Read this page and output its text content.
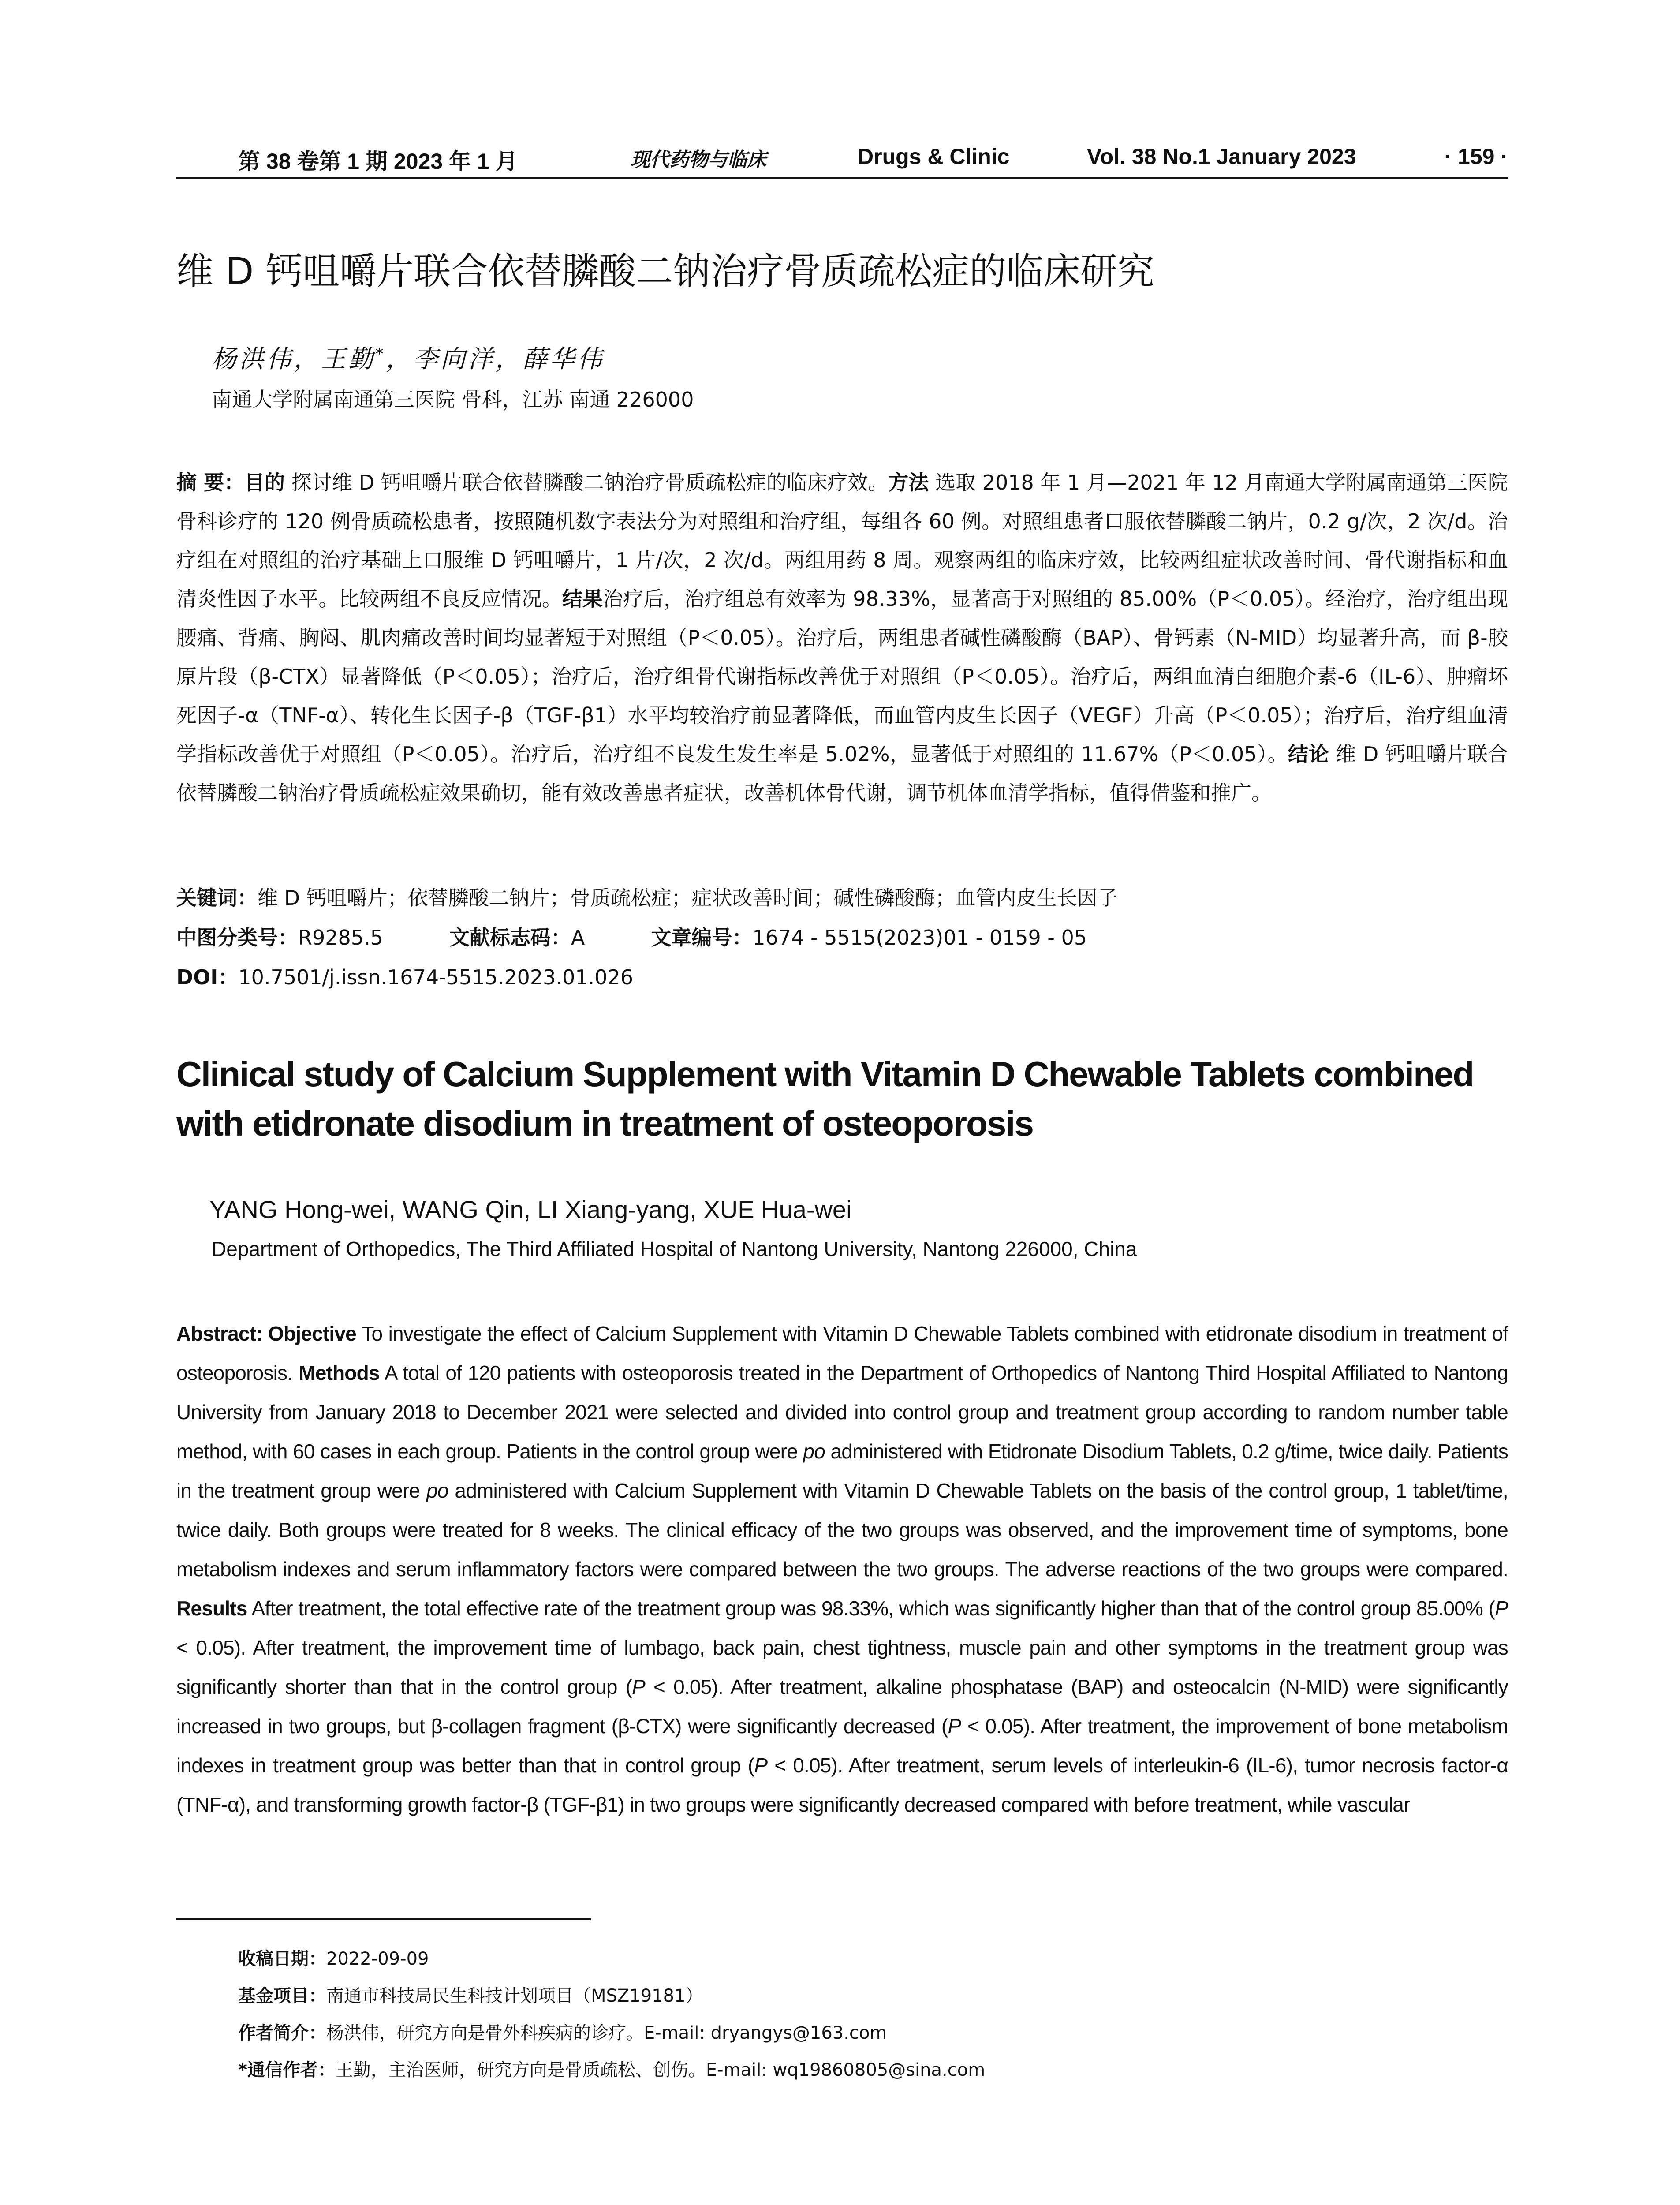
第 38 卷第 1 期 2023 年 1 月	现代药物与临床	Drugs & Clinic	Vol. 38 No.1 January 2023	· 159 ·
维 D 钙咀嚼片联合依替膦酸二钠治疗骨质疏松症的临床研究
杨洪伟，王勤*，李向洋，薛华伟
南通大学附属南通第三医院 骨科，江苏 南通 226000
摘 要：目的 探讨维 D 钙咀嚼片联合依替膦酸二钠治疗骨质疏松症的临床疗效。方法 选取 2018 年 1 月—2021 年 12 月南通大学附属南通第三医院骨科诊疗的 120 例骨质疏松患者，按照随机数字表法分为对照组和治疗组，每组各 60 例。对照组患者口服依替膦酸二钠片，0.2 g/次，2 次/d。治疗组在对照组的治疗基础上口服维 D 钙咀嚼片，1 片/次，2 次/d。两组用药 8 周。观察两组的临床疗效，比较两组症状改善时间、骨代谢指标和血清炎性因子水平。比较两组不良反应情况。结果治疗后，治疗组总有效率为 98.33%，显著高于对照组的 85.00%（P＜0.05）。经治疗，治疗组出现腰痛、背痛、胸闷、肌肉痛改善时间均显著短于对照组（P＜0.05）。治疗后，两组患者碱性磷酸酶（BAP）、骨钙素（N-MID）均显著升高，而 β-胶原片段（β-CTX）显著降低（P＜0.05）；治疗后，治疗组骨代谢指标改善优于对照组（P＜0.05）。治疗后，两组血清白细胞介素-6（IL-6）、肿瘤坏死因子-α（TNF-α）、转化生长因子-β（TGF-β1）水平均较治疗前显著降低，而血管内皮生长因子（VEGF）升高（P＜0.05）；治疗后，治疗组血清学指标改善优于对照组（P＜0.05）。治疗后，治疗组不良发生发生率是 5.02%，显著低于对照组的 11.67%（P＜0.05）。结论 维 D 钙咀嚼片联合依替膦酸二钠治疗骨质疏松症效果确切，能有效改善患者症状，改善机体骨代谢，调节机体血清学指标，值得借鉴和推广。
关键词：维 D 钙咀嚼片；依替膦酸二钠片；骨质疏松症；症状改善时间；碱性磷酸酶；血管内皮生长因子
中图分类号：R9285.5	文献标志码：A	文章编号：1674 - 5515(2023)01 - 0159 - 05
DOI：10.7501/j.issn.1674-5515.2023.01.026
Clinical study of Calcium Supplement with Vitamin D Chewable Tablets combined with etidronate disodium in treatment of osteoporosis
YANG Hong-wei, WANG Qin, LI Xiang-yang, XUE Hua-wei
Department of Orthopedics, The Third Affiliated Hospital of Nantong University, Nantong 226000, China
Abstract: Objective To investigate the effect of Calcium Supplement with Vitamin D Chewable Tablets combined with etidronate disodium in treatment of osteoporosis. Methods A total of 120 patients with osteoporosis treated in the Department of Orthopedics of Nantong Third Hospital Affiliated to Nantong University from January 2018 to December 2021 were selected and divided into control group and treatment group according to random number table method, with 60 cases in each group. Patients in the control group were po administered with Etidronate Disodium Tablets, 0.2 g/time, twice daily. Patients in the treatment group were po administered with Calcium Supplement with Vitamin D Chewable Tablets on the basis of the control group, 1 tablet/time, twice daily. Both groups were treated for 8 weeks. The clinical efficacy of the two groups was observed, and the improvement time of symptoms, bone metabolism indexes and serum inflammatory factors were compared between the two groups. The adverse reactions of the two groups were compared. Results After treatment, the total effective rate of the treatment group was 98.33%, which was significantly higher than that of the control group 85.00% (P < 0.05). After treatment, the improvement time of lumbago, back pain, chest tightness, muscle pain and other symptoms in the treatment group was significantly shorter than that in the control group (P < 0.05). After treatment, alkaline phosphatase (BAP) and osteocalcin (N-MID) were significantly increased in two groups, but β-collagen fragment (β-CTX) were significantly decreased (P < 0.05). After treatment, the improvement of bone metabolism indexes in treatment group was better than that in control group (P < 0.05). After treatment, serum levels of interleukin-6 (IL-6), tumor necrosis factor-α (TNF-α), and transforming growth factor-β (TGF-β1) in two groups were significantly decreased compared with before treatment, while vascular
收稿日期：2022-09-09
基金项目：南通市科技局民生科技计划项目（MSZ19181）
作者简介：杨洪伟，研究方向是骨外科疾病的诊疗。E-mail: dryangys@163.com
*通信作者：王勤，主治医师，研究方向是骨质疏松、创伤。E-mail: wq19860805@sina.com
